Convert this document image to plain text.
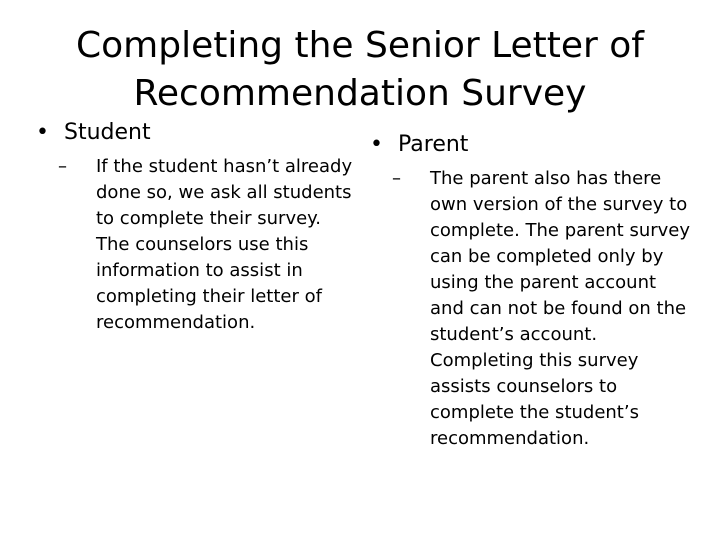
Completing the Senior Letter of Recommendation Survey
• Student
–	If the student hasn’t already done so, we ask all students to complete their survey. The counselors use this information to assist in completing their letter of recommendation.
• Parent
–	The parent also has there own version of the survey to complete. The parent survey can be completed only by using the parent account and can not be found on the student’s account. Completing this survey assists counselors to complete the student’s recommendation.
